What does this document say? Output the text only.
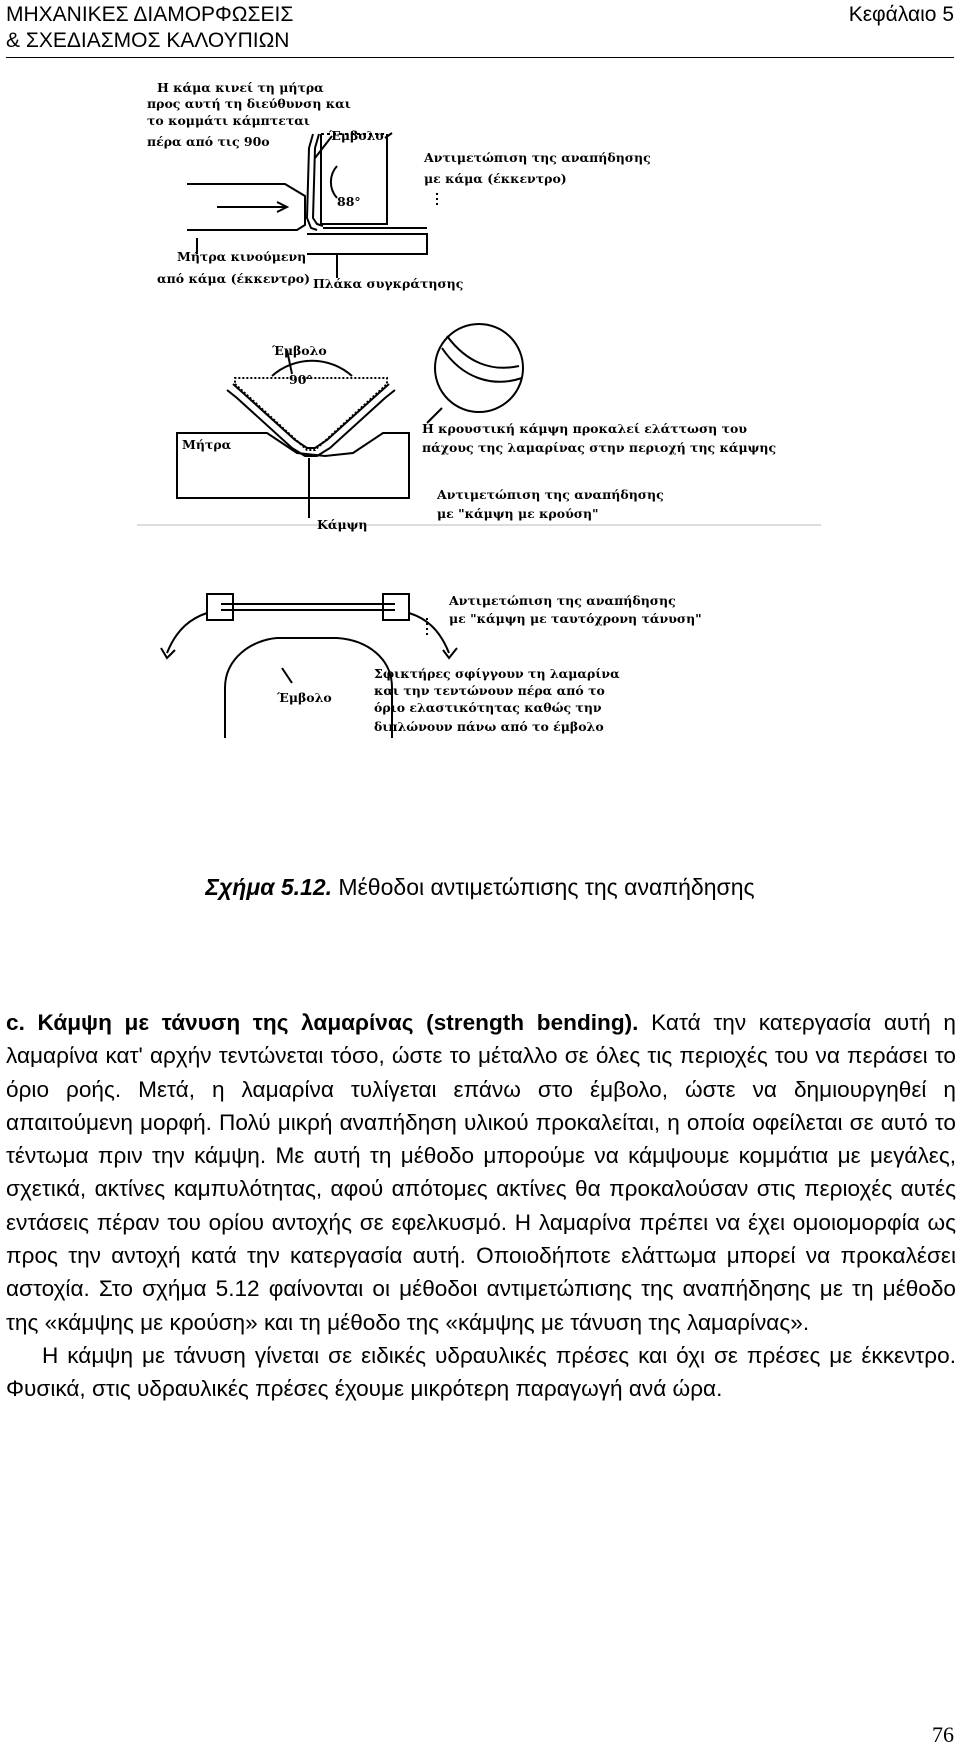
ΜΗΧΑΝΙΚΕΣ ΔΙΑΜΟΡΦΩΣΕΙΣ
& ΣΧΕΔΙΑΣΜΟΣ ΚΑΛΟΥΠΙΩΝ
Κεφάλαιο 5
Η κάμα κινεί τη μήτρα
προς αυτή τη διεύθυνση και
το κομμάτι κάμπτεται
πέρα από τις 90ο	Έμβολο
88°
Αντιμετώπιση της αναπήδησης
με κάμα (έκκεντρο)
Μήτρα κινούμενη
από κάμα (έκκεντρο) Πλάκα συγκράτησης
Έμβολο
90°
Μήτρα
Κάμψη
Η κρουστική κάμψη προκαλεί ελάττωση του
πάχους της λαμαρίνας στην περιοχή της κάμψης
Αντιμετώπιση της αναπήδησης
με "κάμψη με κρούση"
Αντιμετώπιση της αναπήδησης
με "κάμψη με ταυτόχρονη τάνυση"
Έμβολο
Σφικτήρες σφίγγουν τη λαμαρίνα
και την τεντώνουν πέρα από το
όριο ελαστικότητας καθώς την
διπλώνουν πάνω από το έμβολο
Σχήμα 5.12. Μέθοδοι αντιμετώπισης της αναπήδησης

c. Κάμψη με τάνυση της λαμαρίνας (strength bending). Κατά την κατεργασία αυτή η λαμαρίνα κατ' αρχήν τεντώνεται τόσο, ώστε το μέταλλο σε όλες τις περιοχές του να περάσει το όριο ροής. Μετά, η λαμαρίνα τυλίγεται επάνω στο έμβολο, ώστε να δημιουργηθεί η απαιτούμενη μορφή. Πολύ μικρή αναπήδηση υλικού προκαλείται, η οποία οφείλεται σε αυτό το τέντωμα πριν την κάμψη. Με αυτή τη μέθοδο μπορούμε να κάμψουμε κομμάτια με μεγάλες, σχετικά, ακτίνες καμπυλότητας, αφού απότομες ακτίνες θα προκαλούσαν στις περιοχές αυτές εντάσεις πέραν του ορίου αντοχής σε εφελκυσμό. Η λαμαρίνα πρέπει να έχει ομοιομορφία ως προς την αντοχή κατά την κατεργασία αυτή. Οποιοδήποτε ελάττωμα μπορεί να προκαλέσει αστοχία. Στο σχήμα 5.12 φαίνονται οι μέθοδοι αντιμετώπισης της αναπήδησης με τη μέθοδο της «κάμψης με κρούση» και τη μέθοδο της «κάμψης με τάνυση της λαμαρίνας».

Η κάμψη με τάνυση γίνεται σε ειδικές υδραυλικές πρέσες και όχι σε πρέσες με έκκεντρο. Φυσικά, στις υδραυλικές πρέσες έχουμε μικρότερη παραγωγή ανά ώρα.

76
